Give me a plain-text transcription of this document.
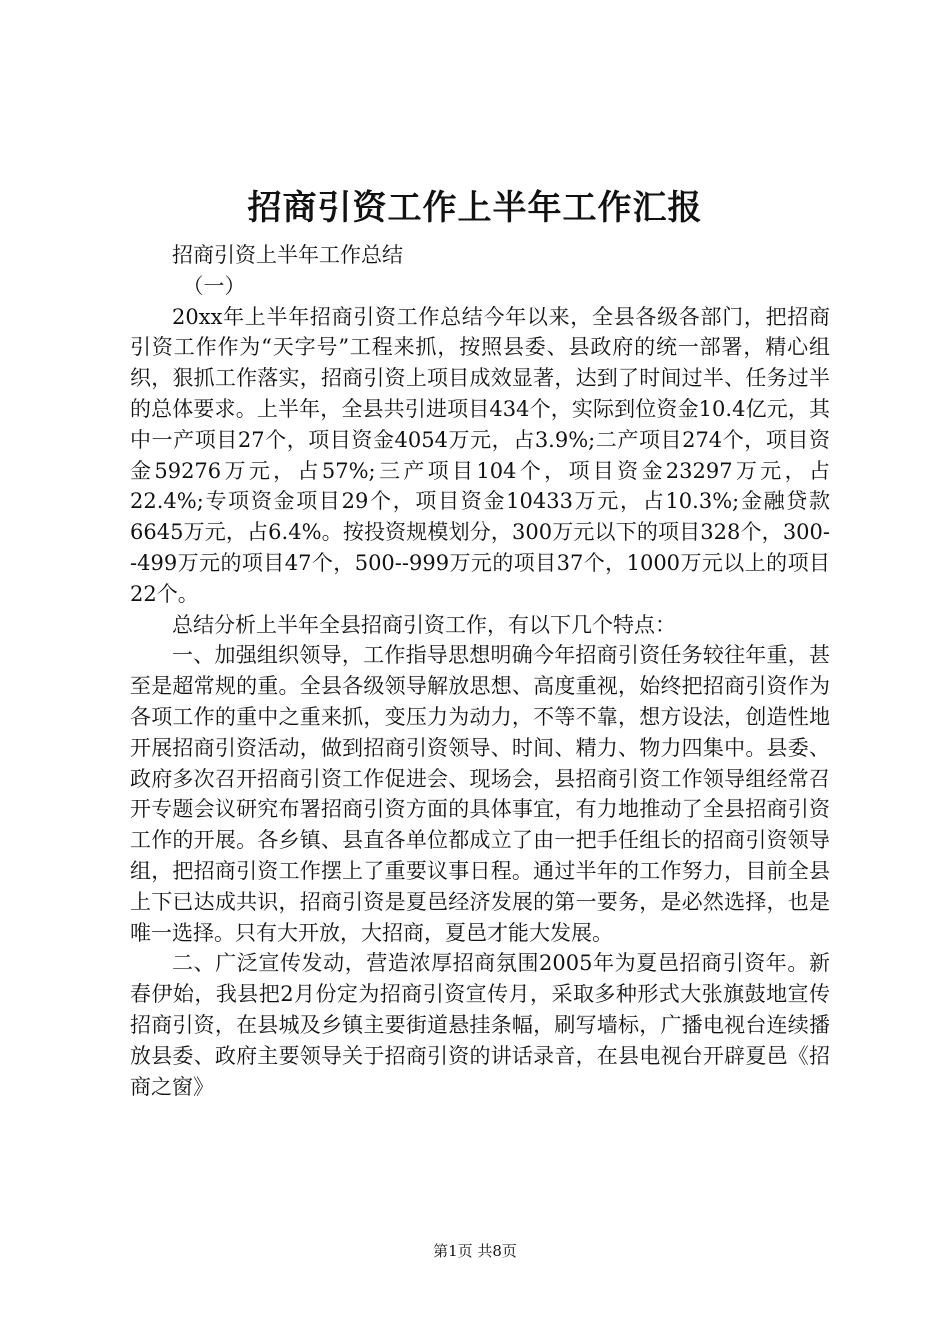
招商引资工作上半年工作汇报

招商引资上半年工作总结

（一）

20xx年上半年招商引资工作总结今年以来，全县各级各部门，把招商引资工作作为“天字号”工程来抓，按照县委、县政府的统一部署，精心组织，狠抓工作落实，招商引资上项目成效显著，达到了时间过半、任务过半的总体要求。上半年，全县共引进项目434个，实际到位资金10.4亿元，其中一产项目27个，项目资金4054万元，占3.9%;二产项目274个，项目资金59276万元，占57%;三产项目104个，项目资金23297万元，占22.4%;专项资金项目29个，项目资金10433万元，占10.3%;金融贷款6645万元，占6.4%。按投资规模划分，300万元以下的项目328个，300--499万元的项目47个，500--999万元的项目37个，1000万元以上的项目22个。

总结分析上半年全县招商引资工作，有以下几个特点：

一、加强组织领导，工作指导思想明确今年招商引资任务较往年重，甚至是超常规的重。全县各级领导解放思想、高度重视，始终把招商引资作为各项工作的重中之重来抓，变压力为动力，不等不靠，想方设法，创造性地开展招商引资活动，做到招商引资领导、时间、精力、物力四集中。县委、政府多次召开招商引资工作促进会、现场会，县招商引资工作领导组经常召开专题会议研究布署招商引资方面的具体事宜，有力地推动了全县招商引资工作的开展。各乡镇、县直各单位都成立了由一把手任组长的招商引资领导组，把招商引资工作摆上了重要议事日程。通过半年的工作努力，目前全县上下已达成共识，招商引资是夏邑经济发展的第一要务，是必然选择，也是唯一选择。只有大开放，大招商，夏邑才能大发展。

二、广泛宣传发动，营造浓厚招商氛围2005年为夏邑招商引资年。新春伊始，我县把2月份定为招商引资宣传月，采取多种形式大张旗鼓地宣传招商引资，在县城及乡镇主要街道悬挂条幅，刷写墙标，广播电视台连续播放县委、政府主要领导关于招商引资的讲话录音，在县电视台开辟夏邑《招商之窗》

第1页 共8页
